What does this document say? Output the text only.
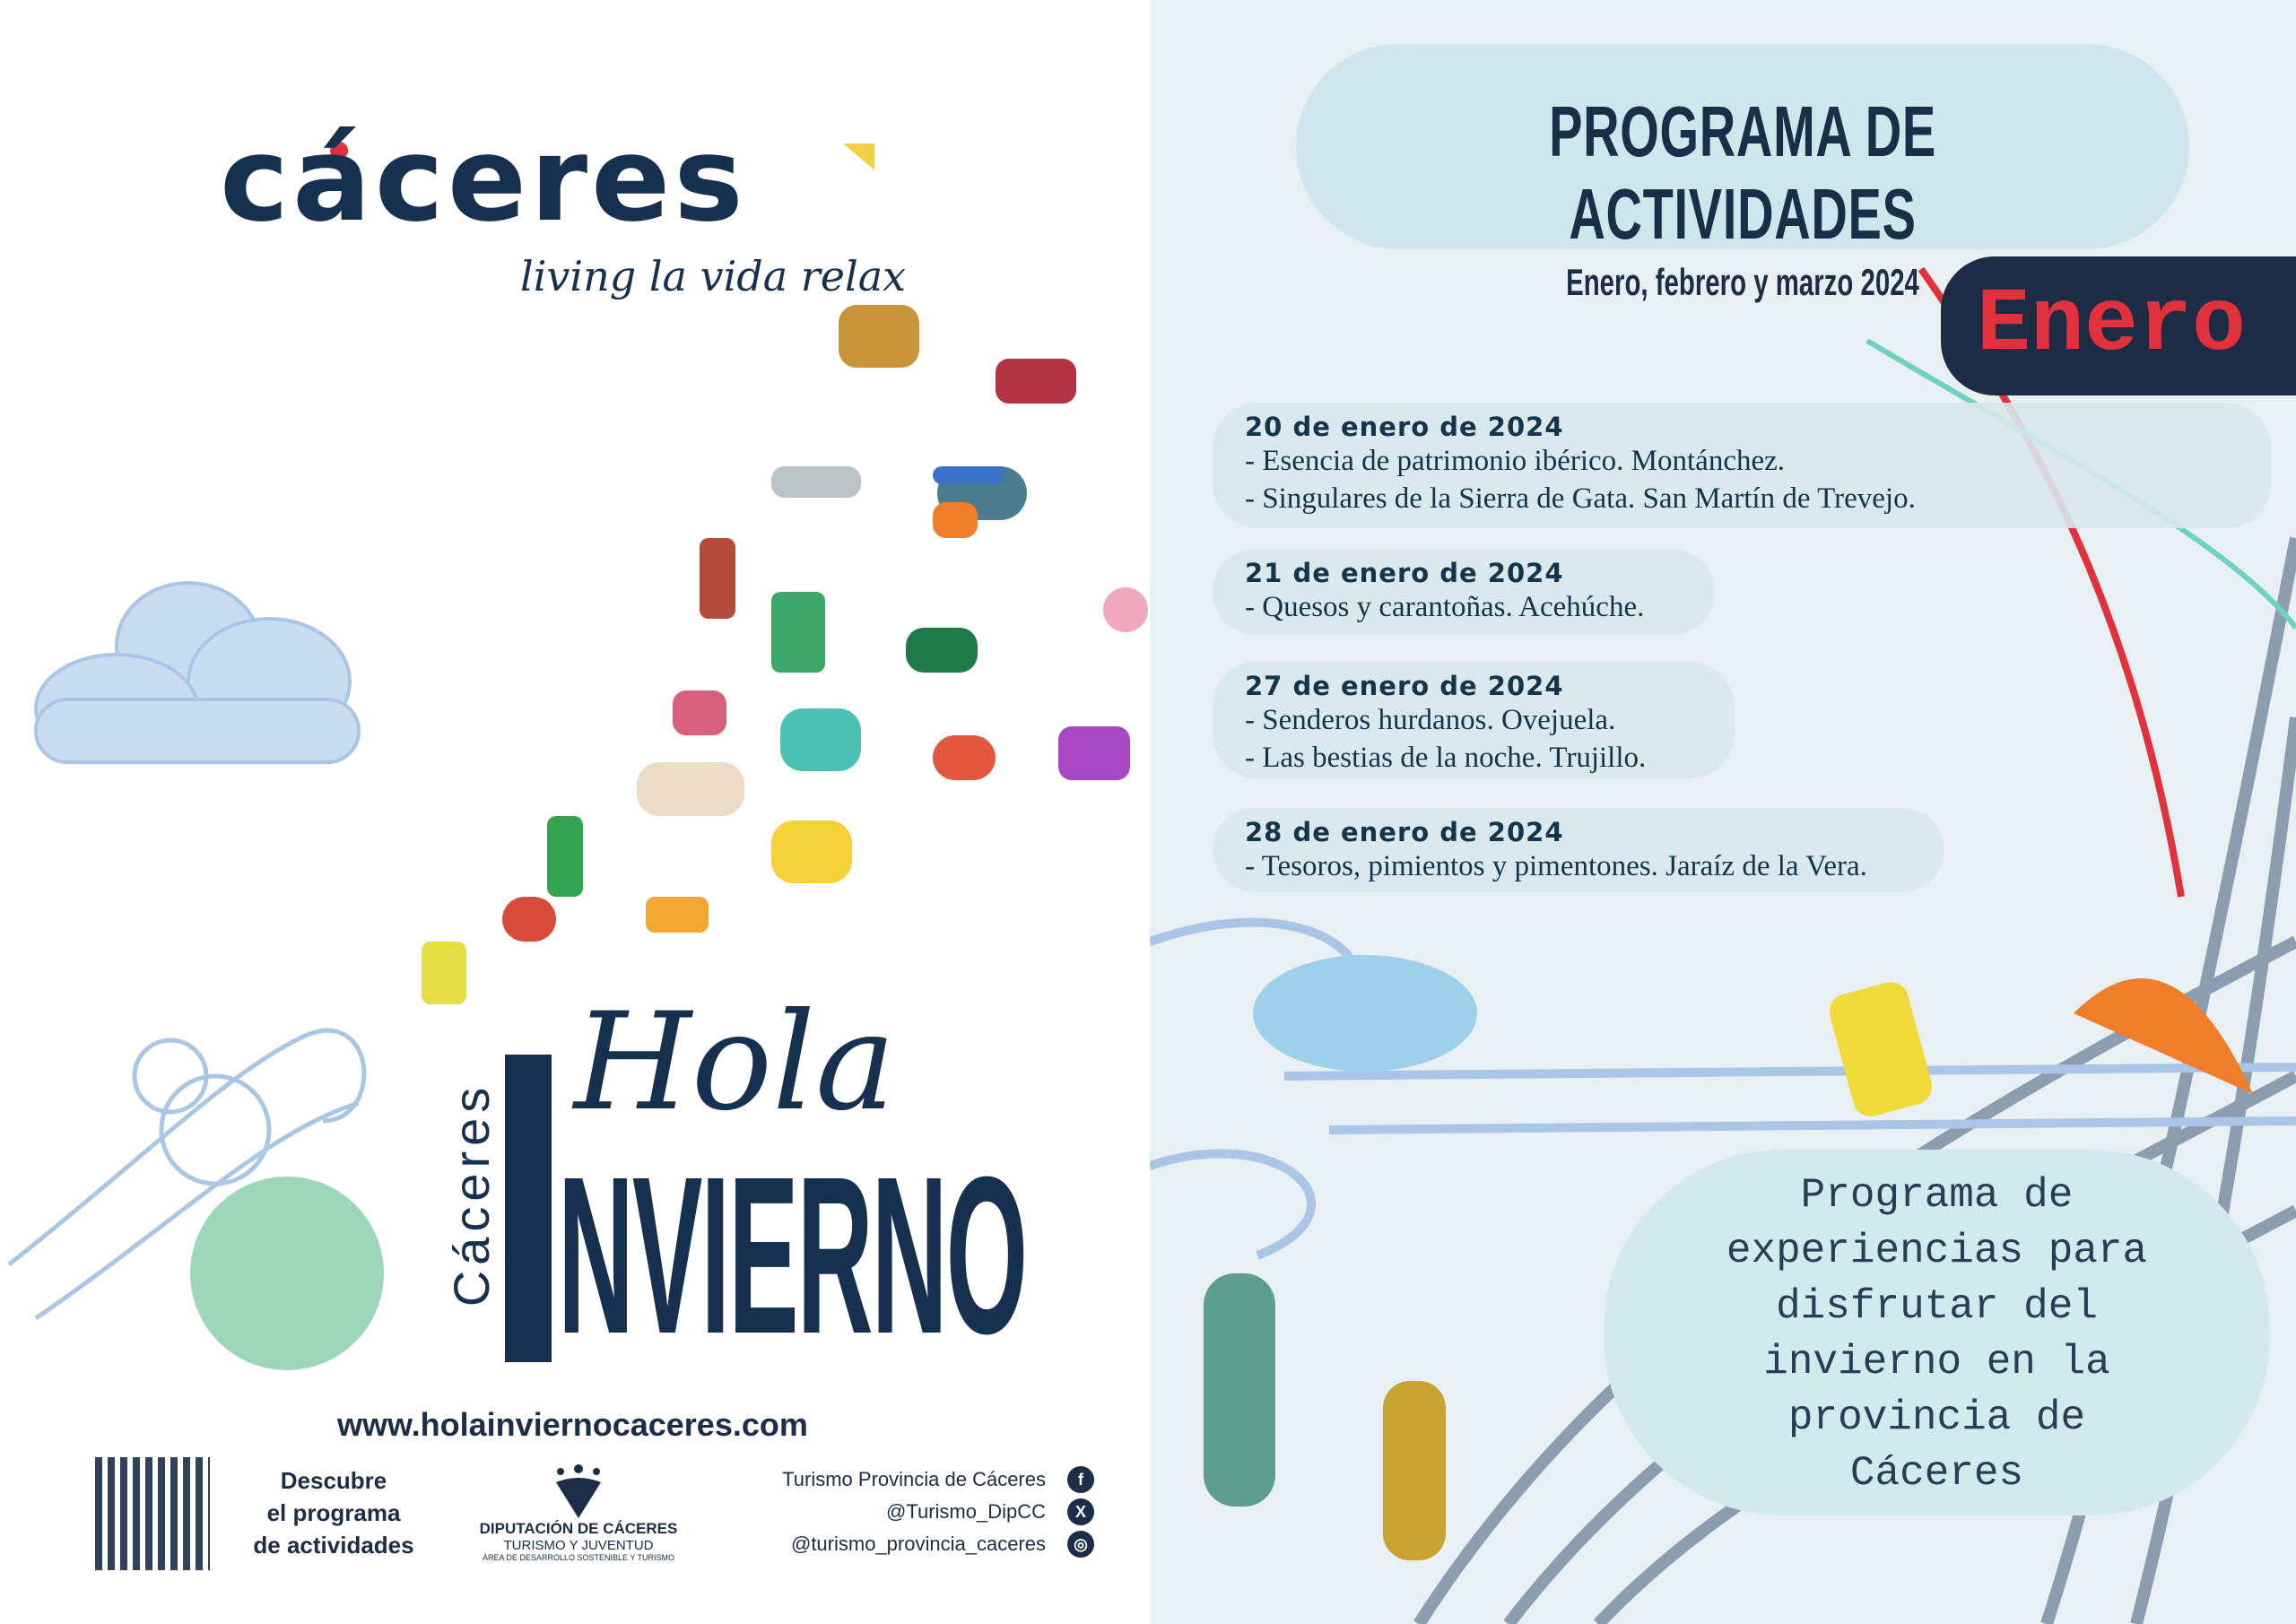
cáceres
living la vida relax
Cáceres NVIERNO
Hola
www.holainviernocaceres.com
Descubre
el programa
de actividades
DIPUTACIÓN DE CÁCERES
TURISMO Y JUVENTUD
ÁREA DE DESARROLLO SOSTENIBLE Y TURISMO
Turismo Provincia de Cáceres
@Turismo_DipCC
@turismo_provincia_caceres
f
X
◎
PROGRAMA DE ACTIVIDADES
Enero, febrero y marzo 2024 Enero
20 de enero de 2024
- Esencia de patrimonio ibérico. Montánchez.
- Singulares de la Sierra de Gata. San Martín de Trevejo.
21 de enero de 2024
- Quesos y carantoñas. Acehúche.
27 de enero de 2024
- Senderos hurdanos. Ovejuela.
- Las bestias de la noche. Trujillo.
28 de enero de 2024
- Tesoros, pimientos y pimentones. Jaraíz de la Vera.
Programa de
experiencias para
disfrutar del
invierno en la
provincia de
Cáceres
